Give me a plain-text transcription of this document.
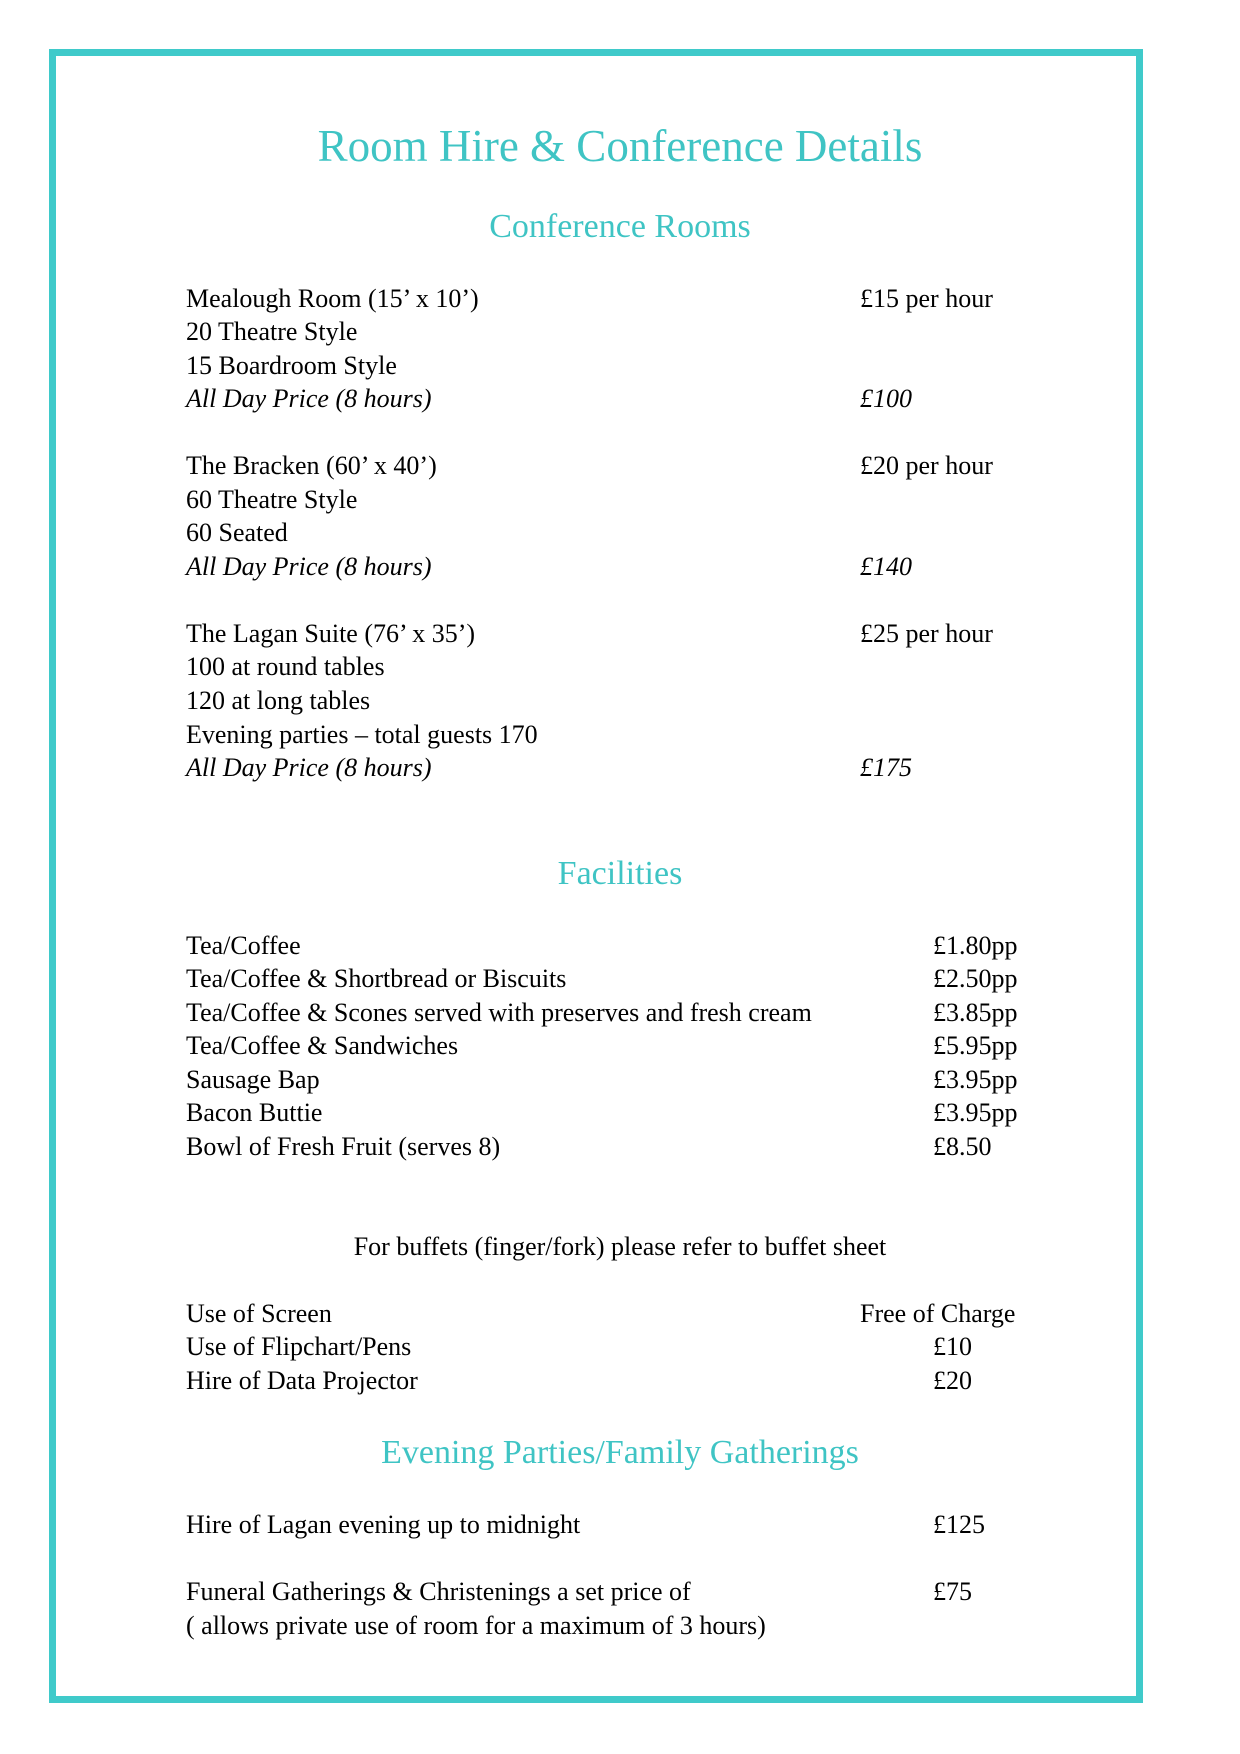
Room Hire & Conference Details
Conference Rooms
Mealough Room (15’ x 10’)	£15 per hour
20 Theatre Style
15 Boardroom Style
All Day Price (8 hours)	£100
The Bracken (60’ x 40’)	£20 per hour
60 Theatre Style
60 Seated
All Day Price (8 hours)	£140
The Lagan Suite (76’ x 35’)	£25 per hour
100 at round tables
120 at long tables
Evening parties – total guests 170
All Day Price (8 hours)	£175
Facilities
Tea/Coffee	£1.80pp
Tea/Coffee & Shortbread or Biscuits	£2.50pp
Tea/Coffee & Scones served with preserves and fresh cream	£3.85pp
Tea/Coffee & Sandwiches	£5.95pp
Sausage Bap	£3.95pp
Bacon Buttie	£3.95pp
Bowl of Fresh Fruit (serves 8)	£8.50
For buffets (finger/fork) please refer to buffet sheet
Use of Screen	Free of Charge
Use of Flipchart/Pens	£10
Hire of Data Projector	£20
Evening Parties/Family Gatherings
Hire of Lagan evening up to midnight	£125
Funeral Gatherings & Christenings a set price of	£75
( allows private use of room for a maximum of 3 hours)
